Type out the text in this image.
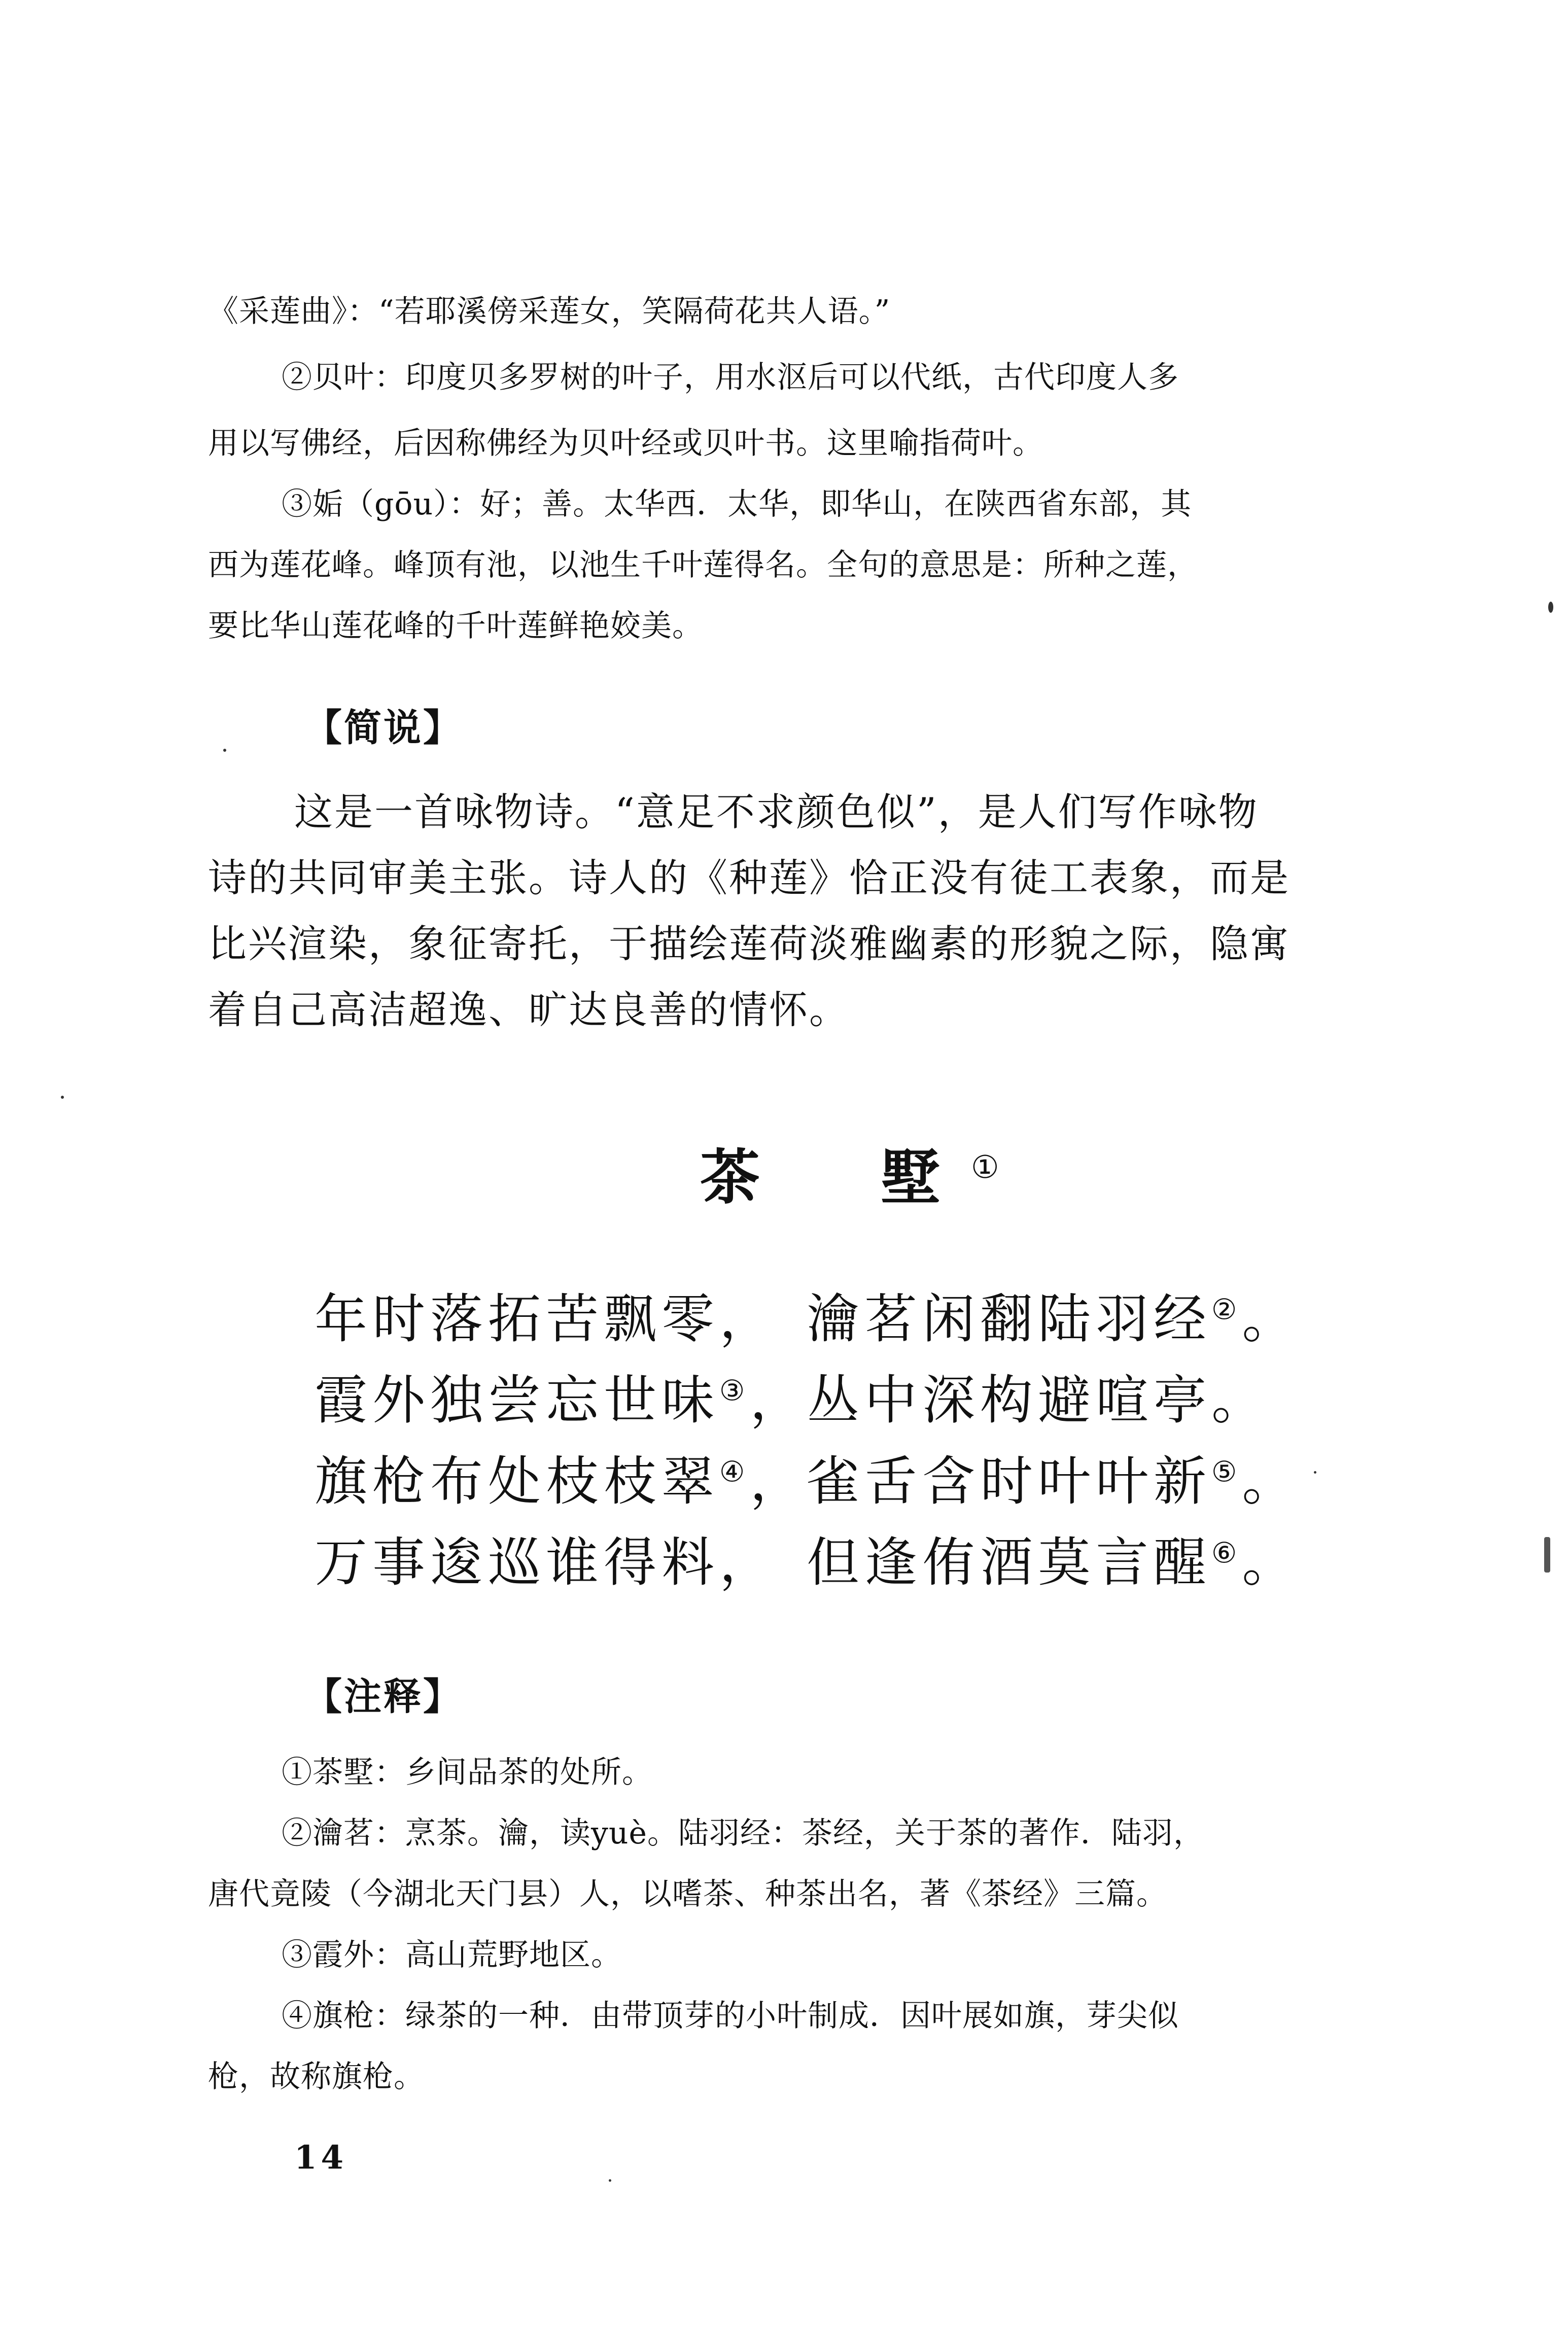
《采莲曲》：“若耶溪傍采莲女，笑隔荷花共人语。”

②贝叶：印度贝多罗树的叶子，用水沤后可以代纸，古代印度人多

用以写佛经，后因称佛经为贝叶经或贝叶书。这里喻指荷叶。

③姤（gōu）：好；善。太华西．太华，即华山，在陕西省东部，其

西为莲花峰。峰顶有池，以池生千叶莲得名。全句的意思是：所种之莲，

要比华山莲花峰的千叶莲鲜艳姣美。

【简说】

这是一首咏物诗。“意足不求颜色似”，是人们写作咏物

诗的共同审美主张。诗人的《种莲》恰正没有徒工表象，而是

比兴渲染，象征寄托，于描绘莲荷淡雅幽素的形貌之际，隐寓

着自己高洁超逸、旷达良善的情怀。

茶　墅①
年时落拓苦飘零， 瀹茗闲翻陆羽经②。
霞外独尝忘世味③，丛中深构避喧亭。
旗枪布处枝枝翠④，雀舌含时叶叶新⑤。
万事逡巡谁得料， 但逢侑酒莫言醒⑥。

【注释】

①茶墅：乡间品茶的处所。

②瀹茗：烹茶。瀹，读yuè。陆羽经：茶经，关于茶的著作．陆羽，

唐代竟陵（今湖北天门县）人，以嗜茶、种茶出名，著《茶经》三篇。

③霞外：高山荒野地区。

④旗枪：绿茶的一种．由带顶芽的小叶制成．因叶展如旗，芽尖似

枪，故称旗枪。

14
